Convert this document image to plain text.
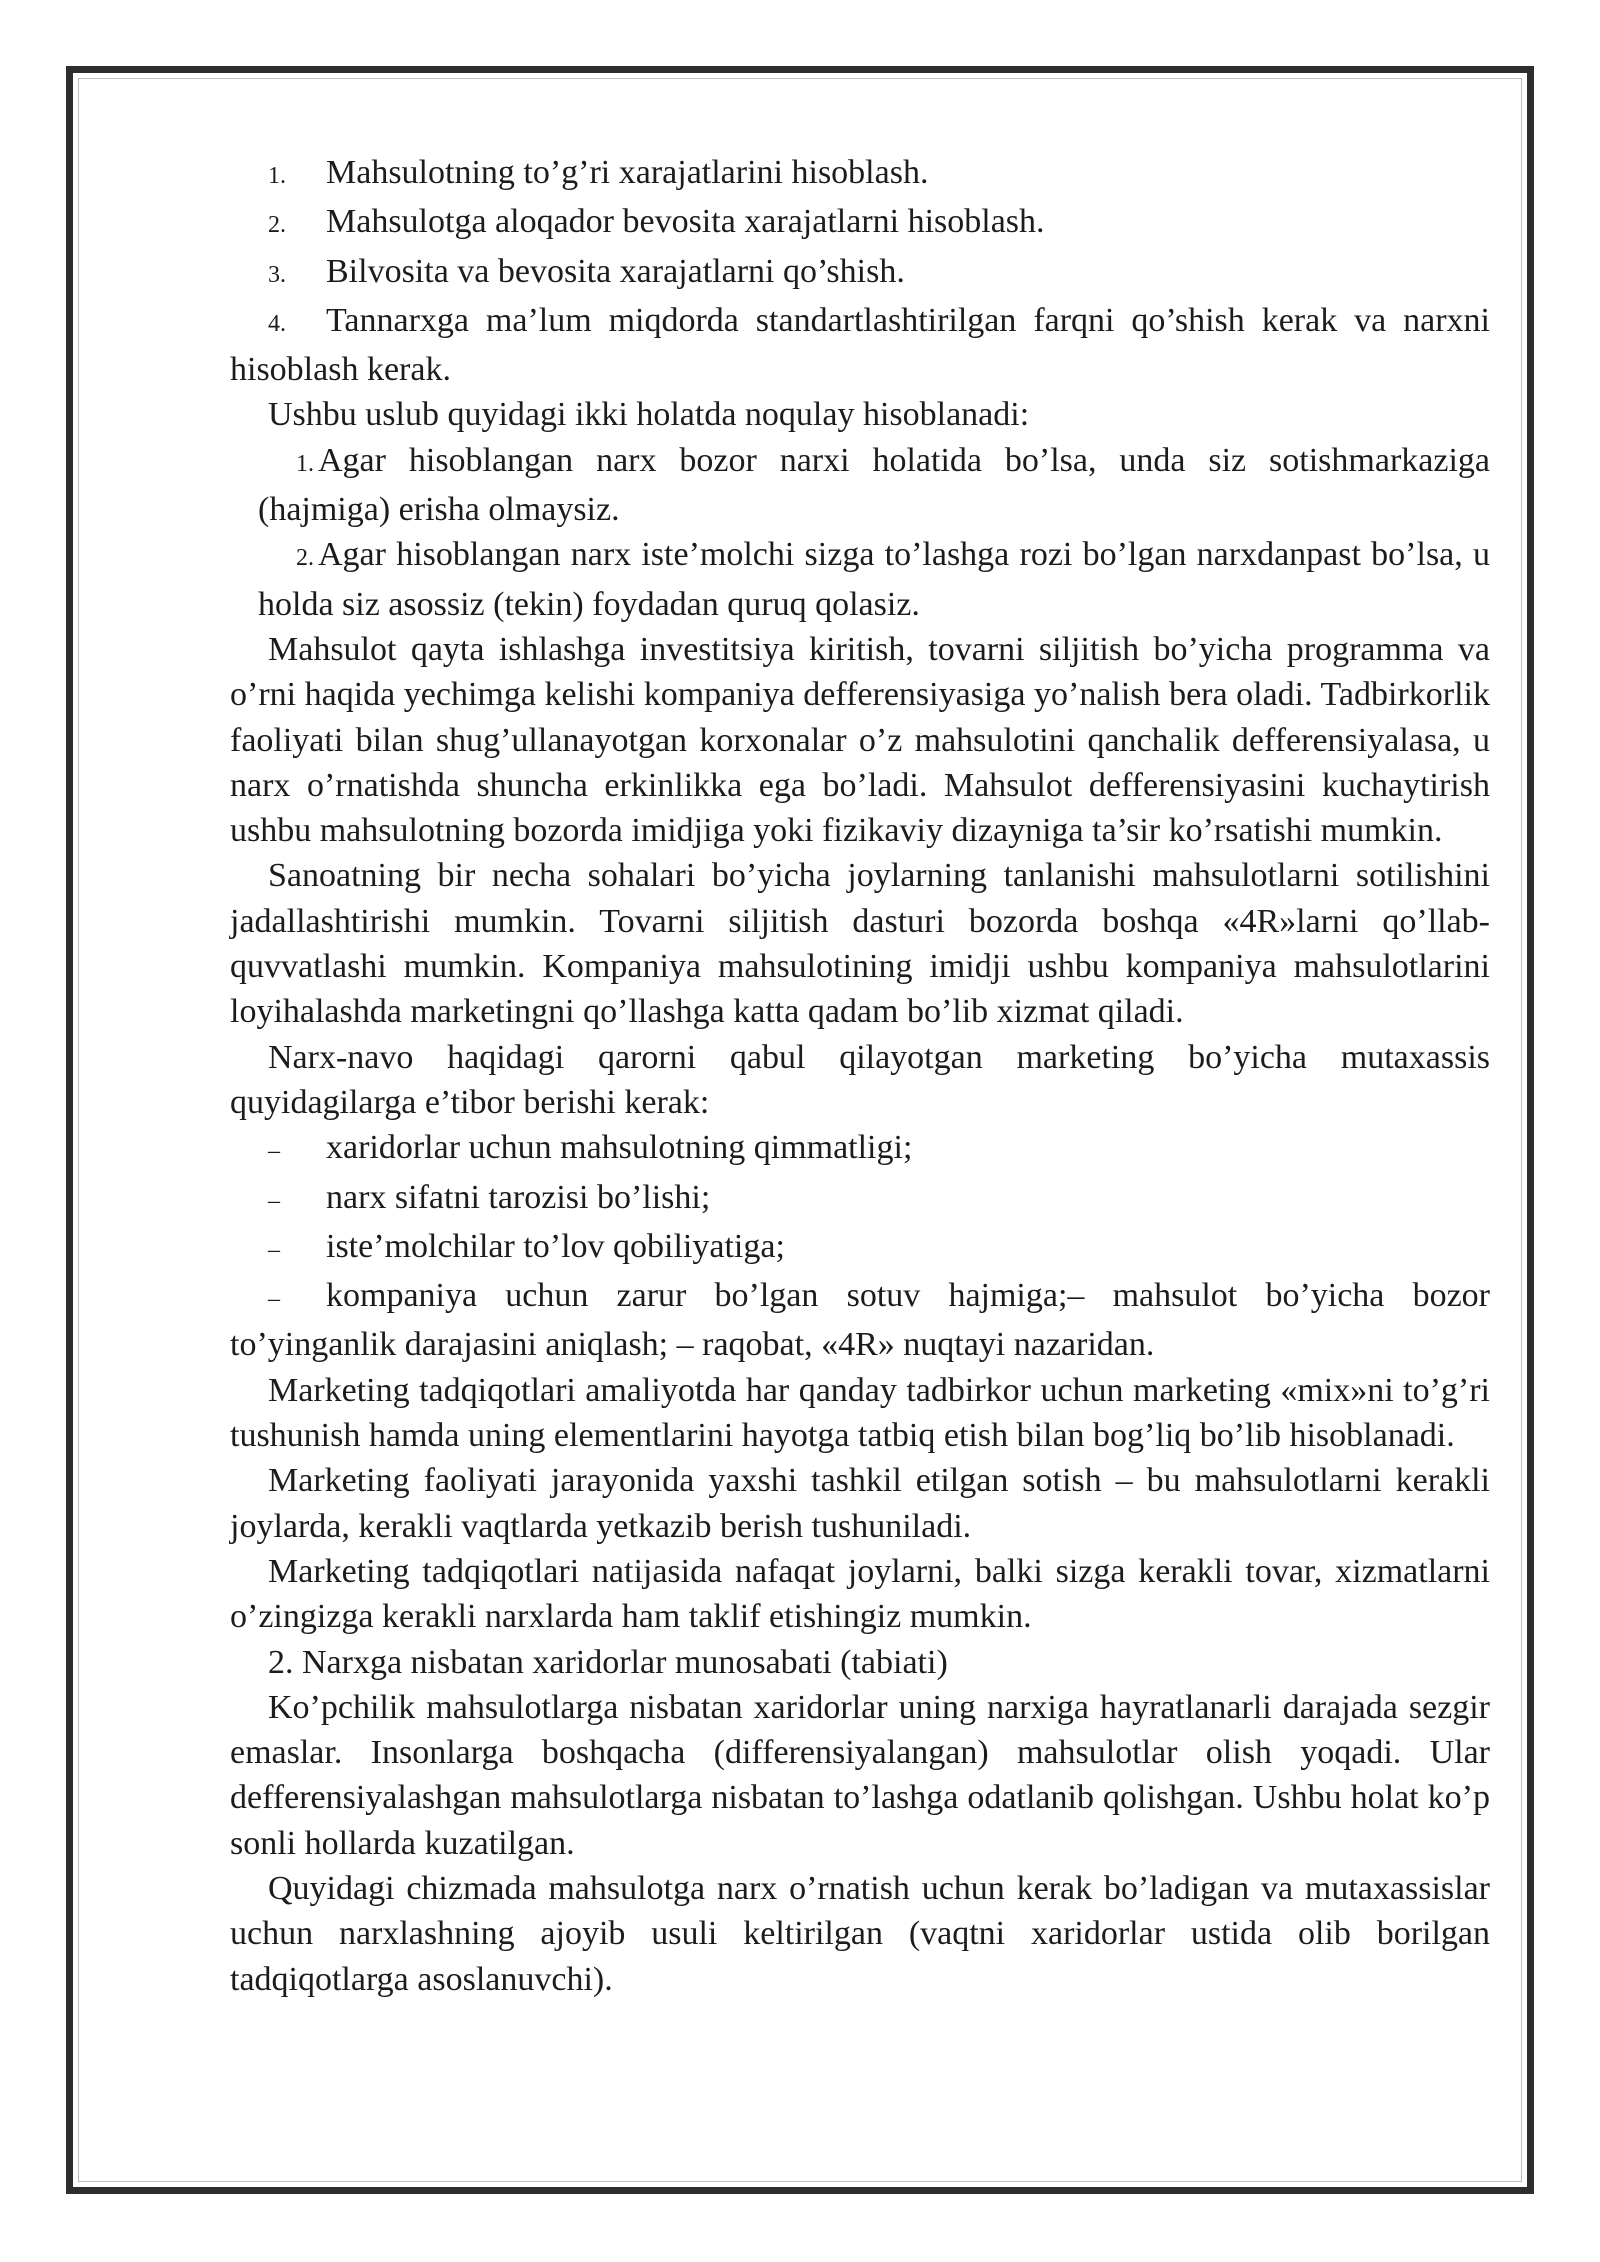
1. Mahsulotning to’g’ri xarajatlarini hisoblash.

2. Mahsulotga aloqador bevosita xarajatlarni hisoblash.

3. Bilvosita va bevosita xarajatlarni qo’shish.

4. Tannarxga ma’lum miqdorda standartlashtirilgan farqni qo’shish kerak va narxni hisoblash kerak.

Ushbu uslub quyidagi ikki holatda noqulay hisoblanadi:

1. Agar hisoblangan narx bozor narxi holatida bo’lsa, unda siz sotishmarkaziga (hajmiga) erisha olmaysiz.

2. Agar hisoblangan narx iste’molchi sizga to’lashga rozi bo’lgan narxdanpast bo’lsa, u holda siz asossiz (tekin) foydadan quruq qolasiz.

Mahsulot qayta ishlashga investitsiya kiritish, tovarni siljitish bo’yicha programma va o’rni haqida yechimga kelishi kompaniya defferensiyasiga yo’nalish bera oladi. Tadbirkorlik faoliyati bilan shug’ullanayotgan korxonalar o’z mahsulotini qanchalik defferensiyalasa, u narx o’rnatishda shuncha erkinlikka ega bo’ladi. Mahsulot defferensiyasini kuchaytirish ushbu mahsulotning bozorda imidjiga yoki fizikaviy dizayniga ta’sir ko’rsatishi mumkin.

Sanoatning bir necha sohalari bo’yicha joylarning tanlanishi mahsulotlarni sotilishini jadallashtirishi mumkin. Tovarni siljitish dasturi bozorda boshqa «4R»larni qo’llab-quvvatlashi mumkin. Kompaniya mahsulotining imidji ushbu kompaniya mahsulotlarini loyihalashda marketingni qo’llashga katta qadam bo’lib xizmat qiladi.

Narx-navo haqidagi qarorni qabul qilayotgan marketing bo’yicha mutaxassis quyidagilarga e’tibor berishi kerak:

– xaridorlar uchun mahsulotning qimmatligi;

– narx sifatni tarozisi bo’lishi;

– iste’molchilar to’lov qobiliyatiga;

– kompaniya uchun zarur bo’lgan sotuv hajmiga;– mahsulot bo’yicha bozor to’yinganlik darajasini aniqlash; – raqobat, «4R» nuqtayi nazaridan.

Marketing tadqiqotlari amaliyotda har qanday tadbirkor uchun marketing «mix»ni to’g’ri tushunish hamda uning elementlarini hayotga tatbiq etish bilan bog’liq bo’lib hisoblanadi.

Marketing faoliyati jarayonida yaxshi tashkil etilgan sotish – bu mahsulotlarni kerakli joylarda, kerakli vaqtlarda yetkazib berish tushuniladi.

Marketing tadqiqotlari natijasida nafaqat joylarni, balki sizga kerakli tovar, xizmatlarni o’zingizga kerakli narxlarda ham taklif etishingiz mumkin.

2. Narxga nisbatan xaridorlar munosabati (tabiati)

Ko’pchilik mahsulotlarga nisbatan xaridorlar uning narxiga hayratlanarli darajada sezgir emaslar. Insonlarga boshqacha (differensiyalangan) mahsulotlar olish yoqadi. Ular defferensiyalashgan mahsulotlarga nisbatan to’lashga odatlanib qolishgan. Ushbu holat ko’p sonli hollarda kuzatilgan.

Quyidagi chizmada mahsulotga narx o’rnatish uchun kerak bo’ladigan va mutaxassislar uchun narxlashning ajoyib usuli keltirilgan (vaqtni xaridorlar ustida olib borilgan tadqiqotlarga asoslanuvchi).
